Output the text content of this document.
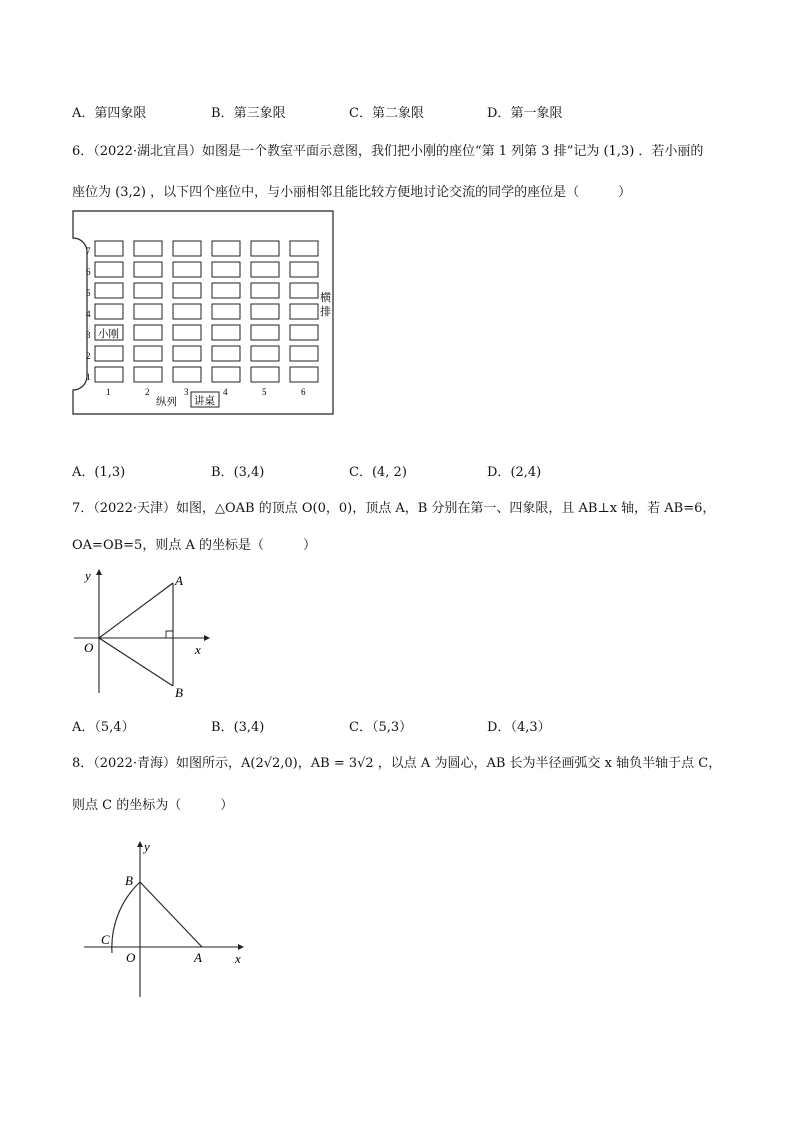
A．第四象限	B．第三象限	C．第二象限	D．第一象限
6．（2022·湖北宜昌）如图是一个教室平面示意图，我们把小刚的座位“第 1 列第 3 排”记为 (1,3) ．若小丽的
座位为 (3,2) ，以下四个座位中，与小丽相邻且能比较方便地讨论交流的同学的座位是（　　　）
7
6
5
4
3
2
1
小刚
1	2	3	4	5	6
横
排
纵列 讲桌
A．(1,3)	B．(3,4)	C．(4, 2)	D．(2,4)
7．（2022·天津）如图，△OAB 的顶点 O(0，0)，顶点 A，B 分别在第一、四象限，且 AB⊥x 轴，若 AB=6，
OA=OB=5，则点 A 的坐标是（　　　）
y	A
O	x
B
A．（5,4）	B．(3,4)	C．（5,3）	D．（4,3）
8．（2022·青海）如图所示，A(2√2,0)，AB = 3√2 ，以点 A 为圆心，AB 长为半径画弧交 x 轴负半轴于点 C，
则点 C 的坐标为（　　　）
y
B
C
O	A	x
